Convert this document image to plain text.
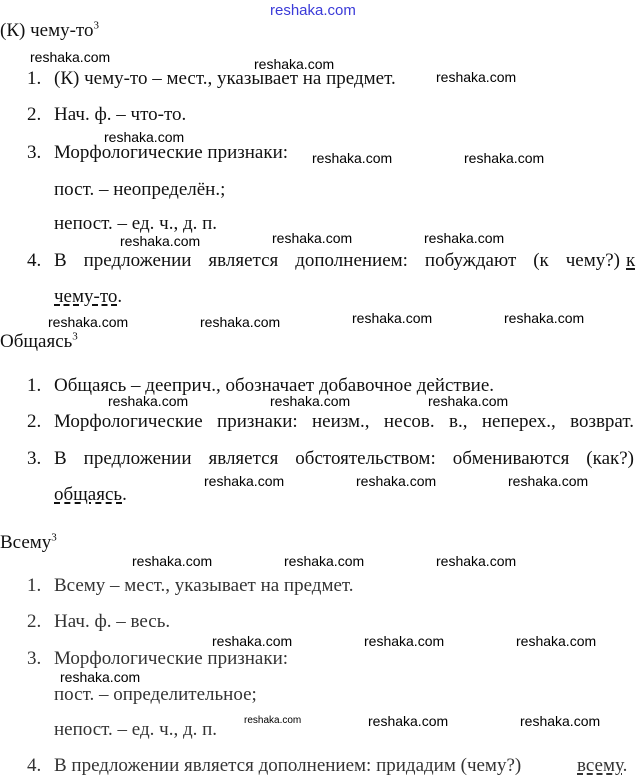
reshaka.com
(К) чему-$то^3$
reshaka.com	reshaka.com
1. (К) чему-то – мест., указывает на предмет.	reshaka.com
2. Нач. ф. – что-то.
reshaka.com
3. Морфологические признаки: reshaka.com	reshaka.com
пост. – неопределён.;
непост. – ед. ч., д. п.
reshaka.com	reshaka.com	reshaka.com
4. В предложении является дополнением: побуждают (к чему?) к
чему-то.
reshaka.com	reshaka.com	reshaka.com	reshaka.com
Общаясь$^3$
1. Общаясь – дееприч., обозначает добавочное действие.
reshaka.com	reshaka.com	reshaka.com
2. Морфологические признаки: неизм., несов. в., неперех., возврат.
3. В предложении является обстоятельством: обмениваются (как?)
reshaka.com	reshaka.com	reshaka.com
общаясь.
Всему$^3$
reshaka.com	reshaka.com	reshaka.com
1. Всему – мест., указывает на предмет.
2. Нач. ф. – весь.
reshaka.com	reshaka.com	reshaka.com
3. Морфологические признаки:
reshaka.com
пост. – определительное;
reshaka.com	reshaka.com	reshaka.com
непост. – ед. ч., д. п.
4. В предложении является дополнением: придадим (чему?)	всему.
